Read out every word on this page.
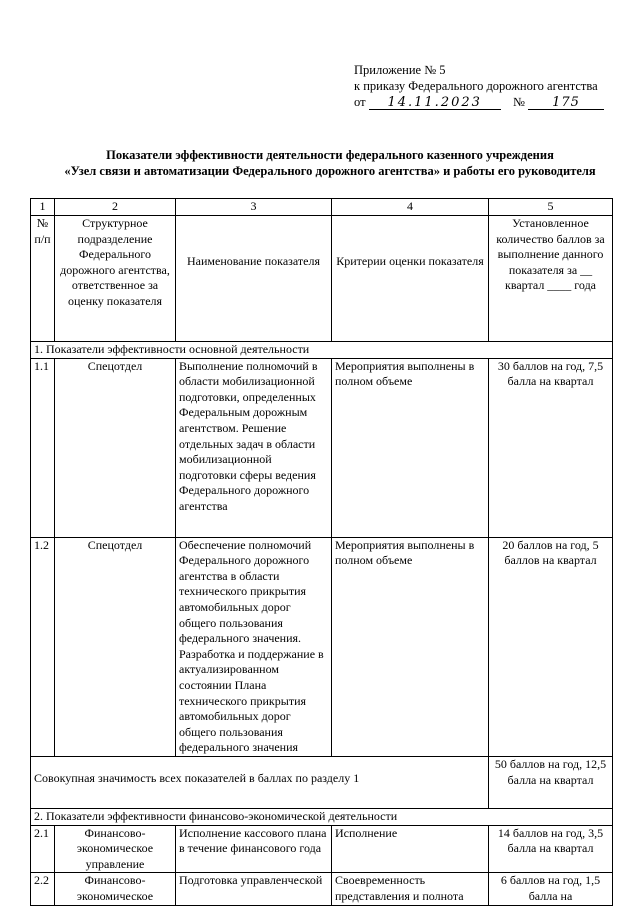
Приложение № 5
к приказу Федерального дорожного агентства
от 14.11.2023 № 175
Показатели эффективности деятельности федерального казенного учреждения
«Узел связи и автоматизации Федерального дорожного агентства» и работы его руководителя
1	2	3	4	5
№ п/п	Структурное подразделение Федерального дорожного агентства, ответственное за оценку показателя	Наименование показателя	Критерии оценки показателя	Установленное количество баллов за выполнение данного показателя за __ квартал ____ года
1. Показатели эффективности основной деятельности				
1.1	Спецотдел	Выполнение полномочий в области мобилизационной подготовки, определенных Федеральным дорожным агентством. Решение отдельных задач в области мобилизационной подготовки сферы ведения Федерального дорожного агентства	Мероприятия выполнены в полном объеме	30 баллов на год, 7,5 балла на квартал
1.2	Спецотдел	Обеспечение полномочий Федерального дорожного агентства в области технического прикрытия автомобильных дорог общего пользования федерального значения. Разработка и поддержание в актуализированном состоянии Плана технического прикрытия автомобильных дорог общего пользования федерального значения	Мероприятия выполнены в полном объеме	20 баллов на год, 5 баллов на квартал
Совокупная значимость всех показателей в баллах по разделу 1				50 баллов на год, 12,5 балла на квартал
2. Показатели эффективности финансово-экономической деятельности				
2.1	Финансово-экономическое управление	Исполнение кассового плана в течение финансового года	Исполнение	14 баллов на год, 3,5 балла на квартал
2.2	Финансово-экономическое	Подготовка управленческой	Своевременность представления и полнота	6 баллов на год, 1,5 балла на
